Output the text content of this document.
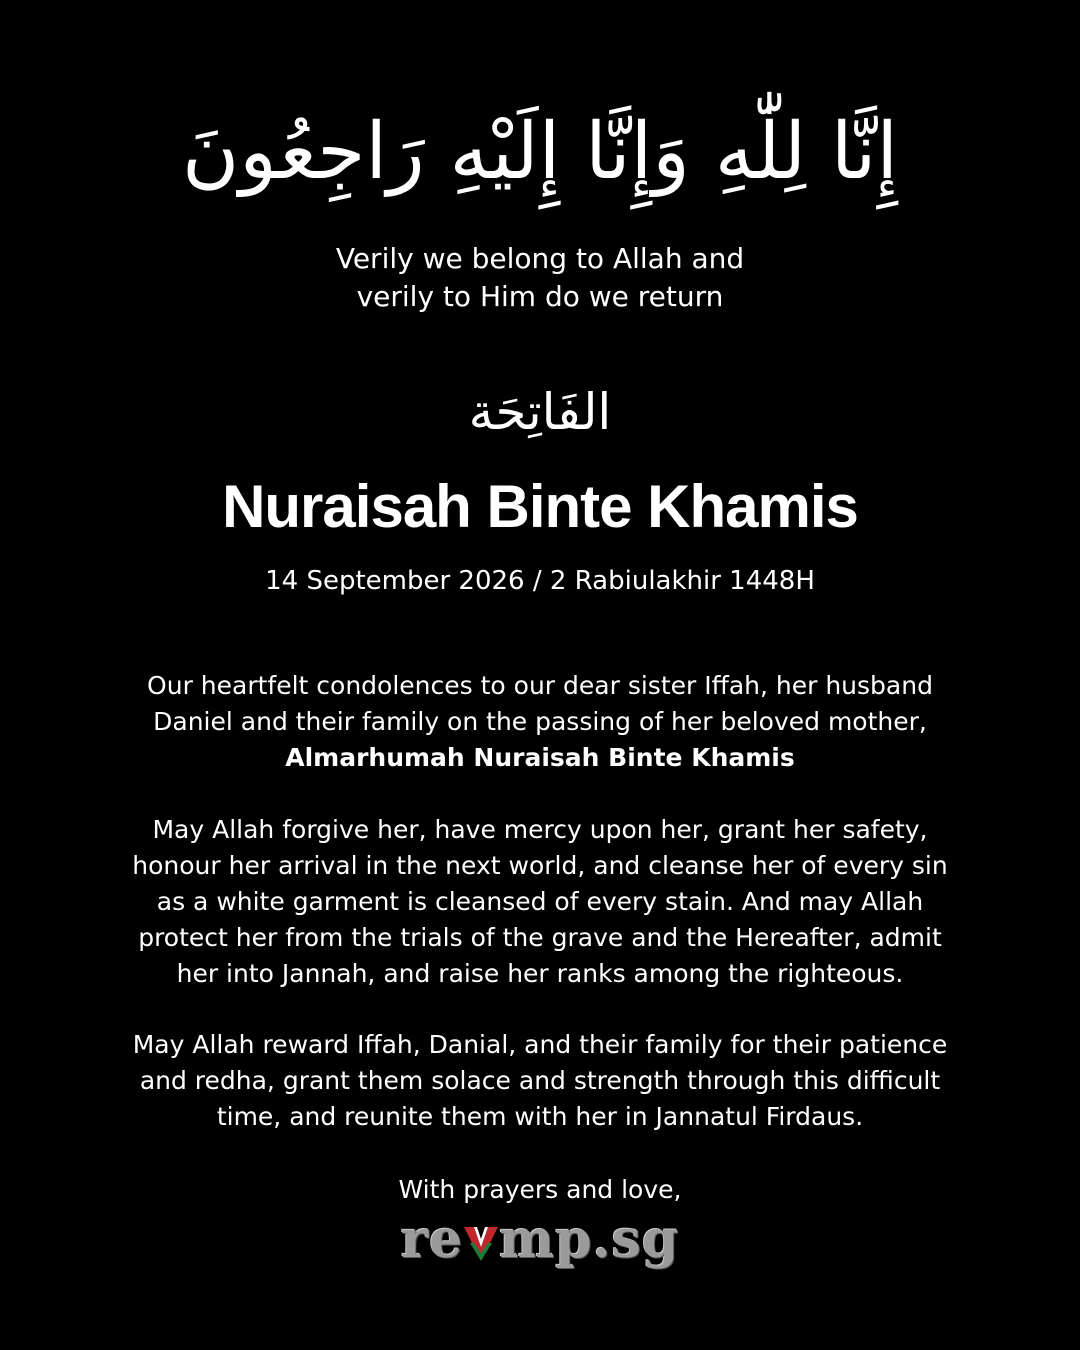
إِنَّا لِلّٰهِ وَإِنَّا إِلَيْهِ رَاجِعُونَ
Verily we belong to Allah and
verily to Him do we return
الفَاتِحَة
Nuraisah Binte Khamis
14 September 2026 / 2 Rabiulakhir 1448H
Our heartfelt condolences to our dear sister Iffah, her husband
Daniel and their family on the passing of her beloved mother,
Almarhumah Nuraisah Binte Khamis
May Allah forgive her, have mercy upon her, grant her safety,
honour her arrival in the next world, and cleanse her of every sin
as a white garment is cleansed of every stain. And may Allah
protect her from the trials of the grave and the Hereafter, admit
her into Jannah, and raise her ranks among the righteous.
May Allah reward Iffah, Danial, and their family for their patience
and redha, grant them solace and strength through this difficult
time, and reunite them with her in Jannatul Firdaus.
With prayers and love,
re mp.sg
